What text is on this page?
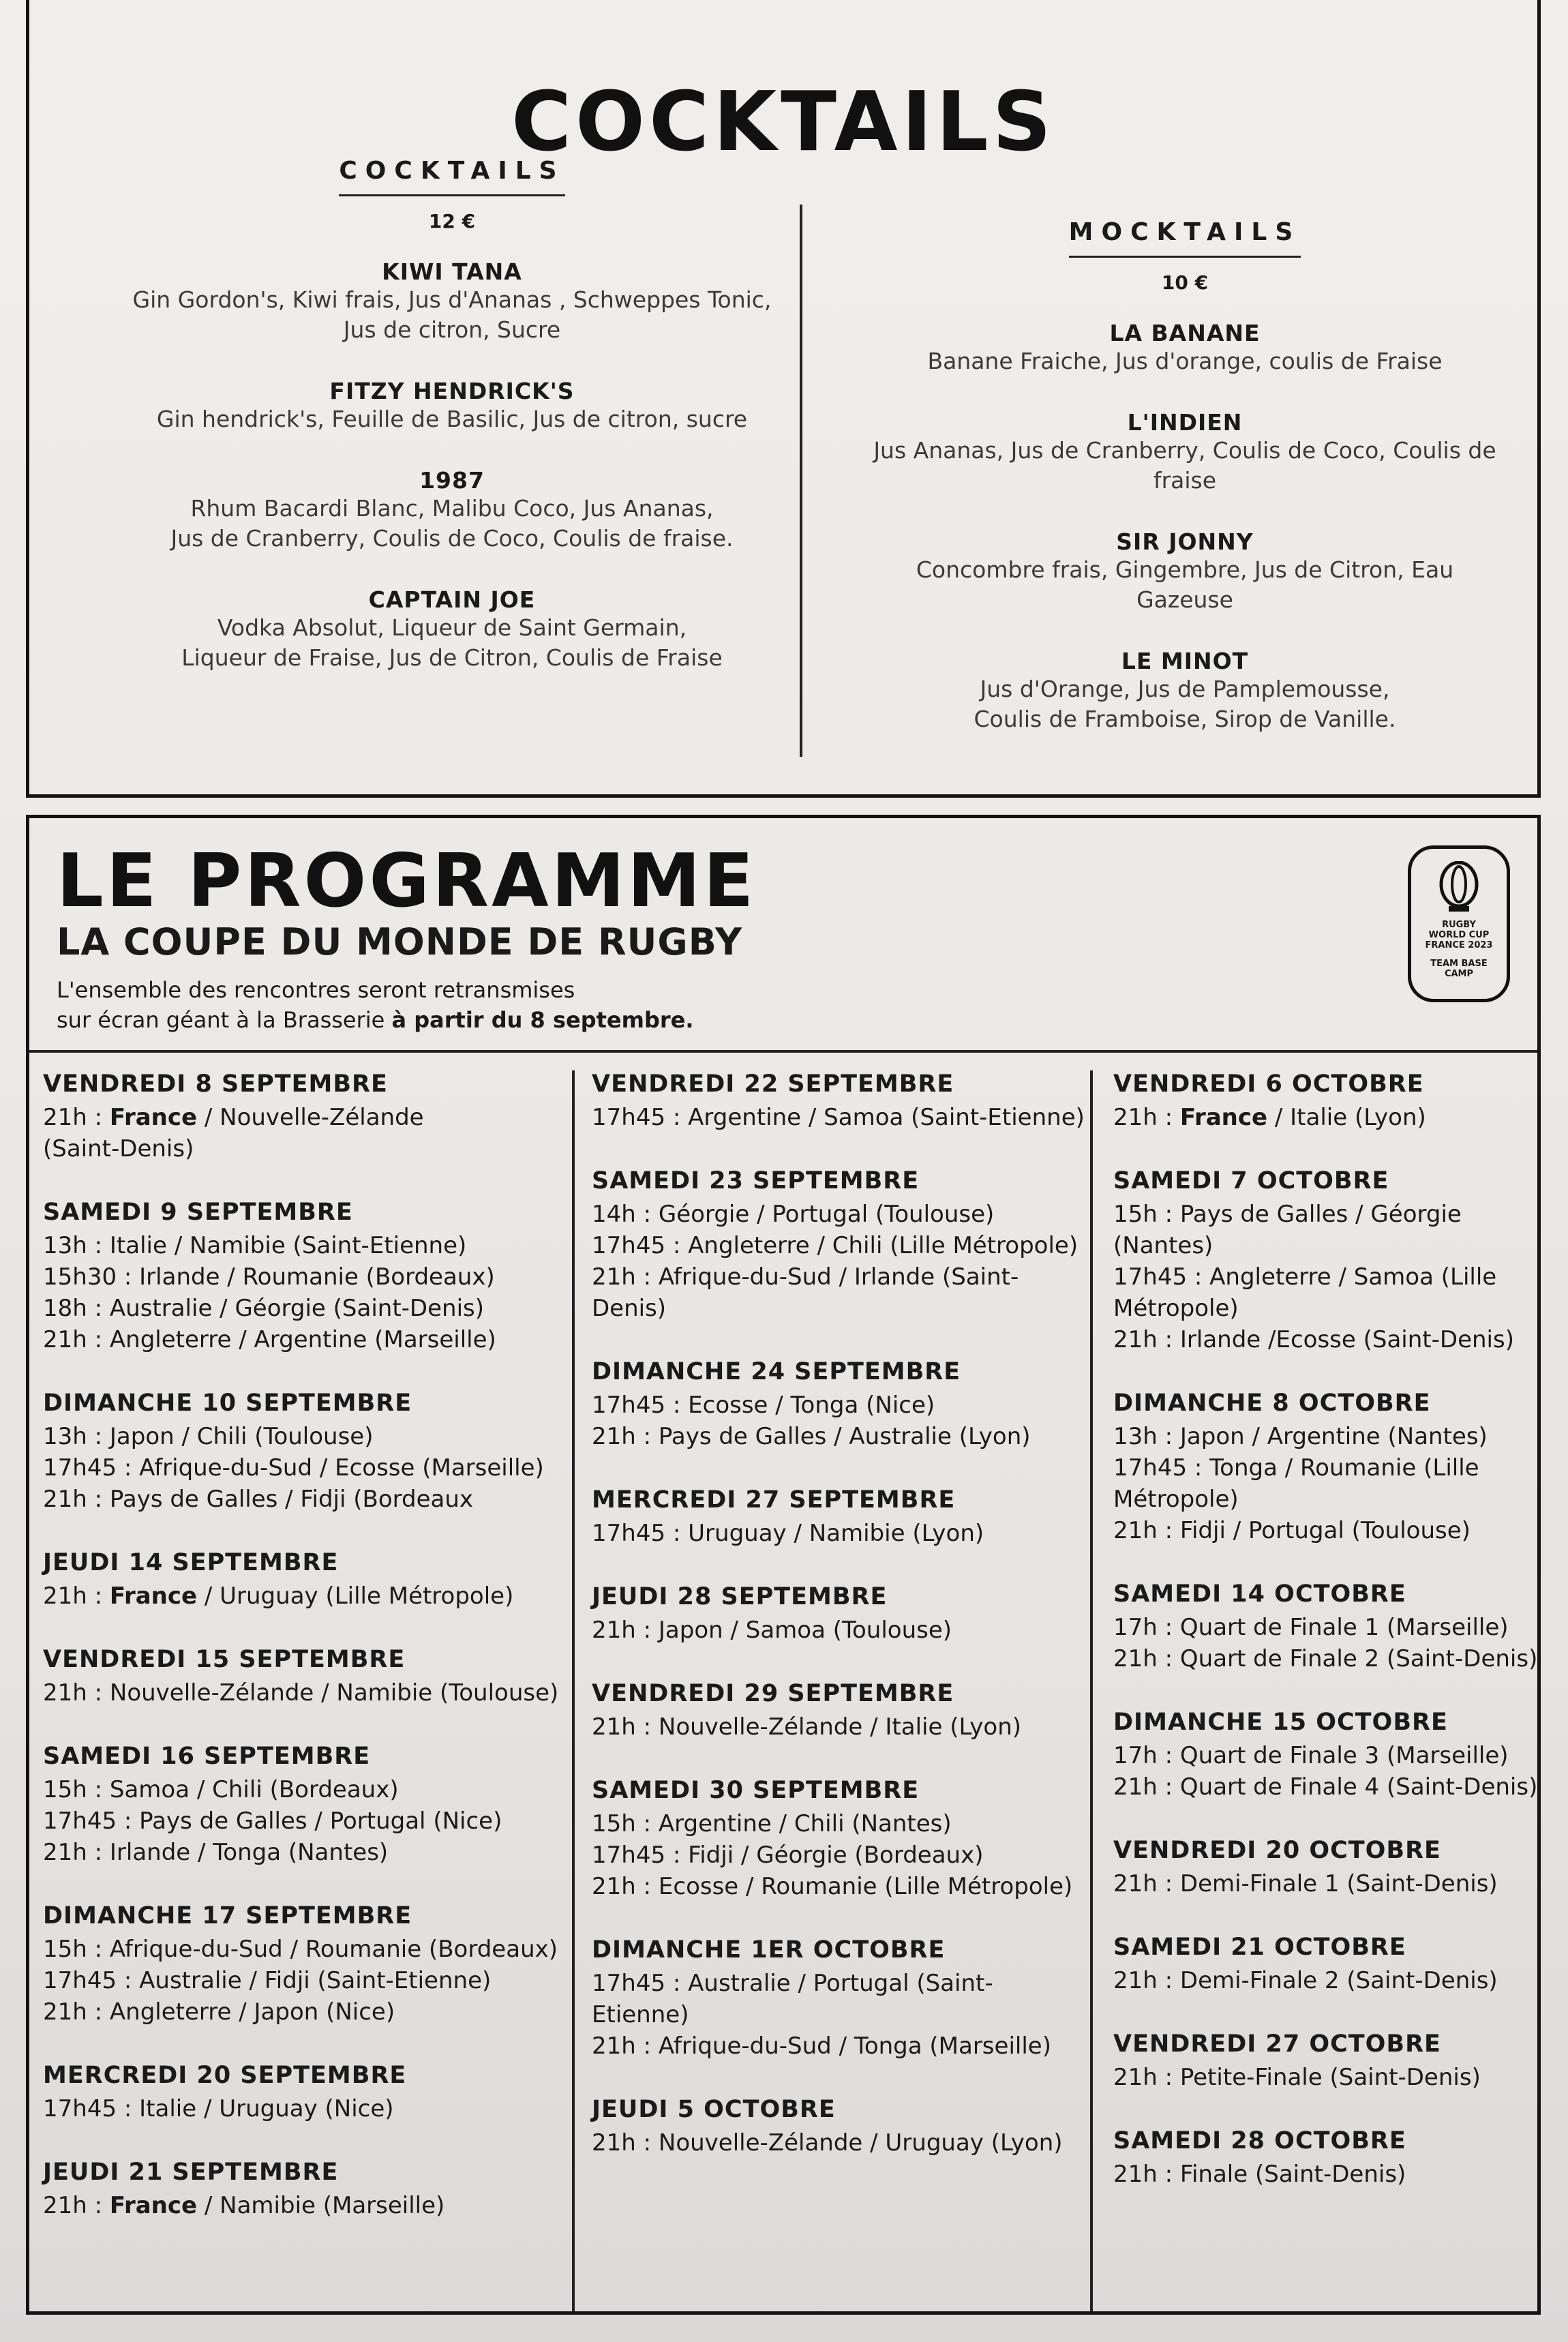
COCKTAILS
COCKTAILS
12 €
KIWI TANA
Gin Gordon's, Kiwi frais, Jus d'Ananas , Schweppes Tonic,
Jus de citron, Sucre
FITZY HENDRICK'S
Gin hendrick's, Feuille de Basilic, Jus de citron, sucre
1987
Rhum Bacardi Blanc, Malibu Coco, Jus Ananas,
Jus de Cranberry, Coulis de Coco, Coulis de fraise.
CAPTAIN JOE
Vodka Absolut, Liqueur de Saint Germain,
Liqueur de Fraise, Jus de Citron, Coulis de Fraise
MOCKTAILS
10 €
LA BANANE
Banane Fraiche, Jus d'orange, coulis de Fraise
L'INDIEN
Jus Ananas, Jus de Cranberry, Coulis de Coco, Coulis de fraise
SIR JONNY
Concombre frais, Gingembre, Jus de Citron, Eau Gazeuse
LE MINOT
Jus d'Orange, Jus de Pamplemousse,
Coulis de Framboise, Sirop de Vanille.
LE PROGRAMME
LA COUPE DU MONDE DE RUGBY
L'ensemble des rencontres seront retransmises
sur écran géant à la Brasserie à partir du 8 septembre.
RUGBY
WORLD CUP
FRANCE 2023
TEAM BASE
CAMP
VENDREDI 8 SEPTEMBRE
21h : France / Nouvelle-Zélande
(Saint-Denis)
SAMEDI 9 SEPTEMBRE
13h : Italie / Namibie (Saint-Etienne)
15h30 : Irlande / Roumanie (Bordeaux)
18h : Australie / Géorgie (Saint-Denis)
21h : Angleterre / Argentine (Marseille)
DIMANCHE 10 SEPTEMBRE
13h : Japon / Chili (Toulouse)
17h45 : Afrique-du-Sud / Ecosse (Marseille)
21h : Pays de Galles / Fidji (Bordeaux
JEUDI 14 SEPTEMBRE
21h : France / Uruguay (Lille Métropole)
VENDREDI 15 SEPTEMBRE
21h : Nouvelle-Zélande / Namibie (Toulouse)
SAMEDI 16 SEPTEMBRE
15h : Samoa / Chili (Bordeaux)
17h45 : Pays de Galles / Portugal (Nice)
21h : Irlande / Tonga (Nantes)
DIMANCHE 17 SEPTEMBRE
15h : Afrique-du-Sud / Roumanie (Bordeaux)
17h45 : Australie / Fidji (Saint-Etienne)
21h : Angleterre / Japon (Nice)
MERCREDI 20 SEPTEMBRE
17h45 : Italie / Uruguay (Nice)
JEUDI 21 SEPTEMBRE
21h : France / Namibie (Marseille)
VENDREDI 22 SEPTEMBRE
17h45 : Argentine / Samoa (Saint-Etienne)
SAMEDI 23 SEPTEMBRE
14h : Géorgie / Portugal (Toulouse)
17h45 : Angleterre / Chili (Lille Métropole)
21h : Afrique-du-Sud / Irlande (Saint-Denis)
DIMANCHE 24 SEPTEMBRE
17h45 : Ecosse / Tonga (Nice)
21h : Pays de Galles / Australie (Lyon)
MERCREDI 27 SEPTEMBRE
17h45 : Uruguay / Namibie (Lyon)
JEUDI 28 SEPTEMBRE
21h : Japon / Samoa (Toulouse)
VENDREDI 29 SEPTEMBRE
21h : Nouvelle-Zélande / Italie (Lyon)
SAMEDI 30 SEPTEMBRE
15h : Argentine / Chili (Nantes)
17h45 : Fidji / Géorgie (Bordeaux)
21h : Ecosse / Roumanie (Lille Métropole)
DIMANCHE 1ER OCTOBRE
17h45 : Australie / Portugal (Saint-Etienne)
21h : Afrique-du-Sud / Tonga (Marseille)
JEUDI 5 OCTOBRE
21h : Nouvelle-Zélande / Uruguay (Lyon)
VENDREDI 6 OCTOBRE
21h : France / Italie (Lyon)
SAMEDI 7 OCTOBRE
15h : Pays de Galles / Géorgie (Nantes)
17h45 : Angleterre / Samoa (Lille Métropole)
21h : Irlande /Ecosse (Saint-Denis)
DIMANCHE 8 OCTOBRE
13h : Japon / Argentine (Nantes)
17h45 : Tonga / Roumanie (Lille Métropole)
21h : Fidji / Portugal (Toulouse)
SAMEDI 14 OCTOBRE
17h : Quart de Finale 1 (Marseille)
21h : Quart de Finale 2 (Saint-Denis)
DIMANCHE 15 OCTOBRE
17h : Quart de Finale 3 (Marseille)
21h : Quart de Finale 4 (Saint-Denis)
VENDREDI 20 OCTOBRE
21h : Demi-Finale 1 (Saint-Denis)
SAMEDI 21 OCTOBRE
21h : Demi-Finale 2 (Saint-Denis)
VENDREDI 27 OCTOBRE
21h : Petite-Finale (Saint-Denis)
SAMEDI 28 OCTOBRE
21h : Finale (Saint-Denis)
